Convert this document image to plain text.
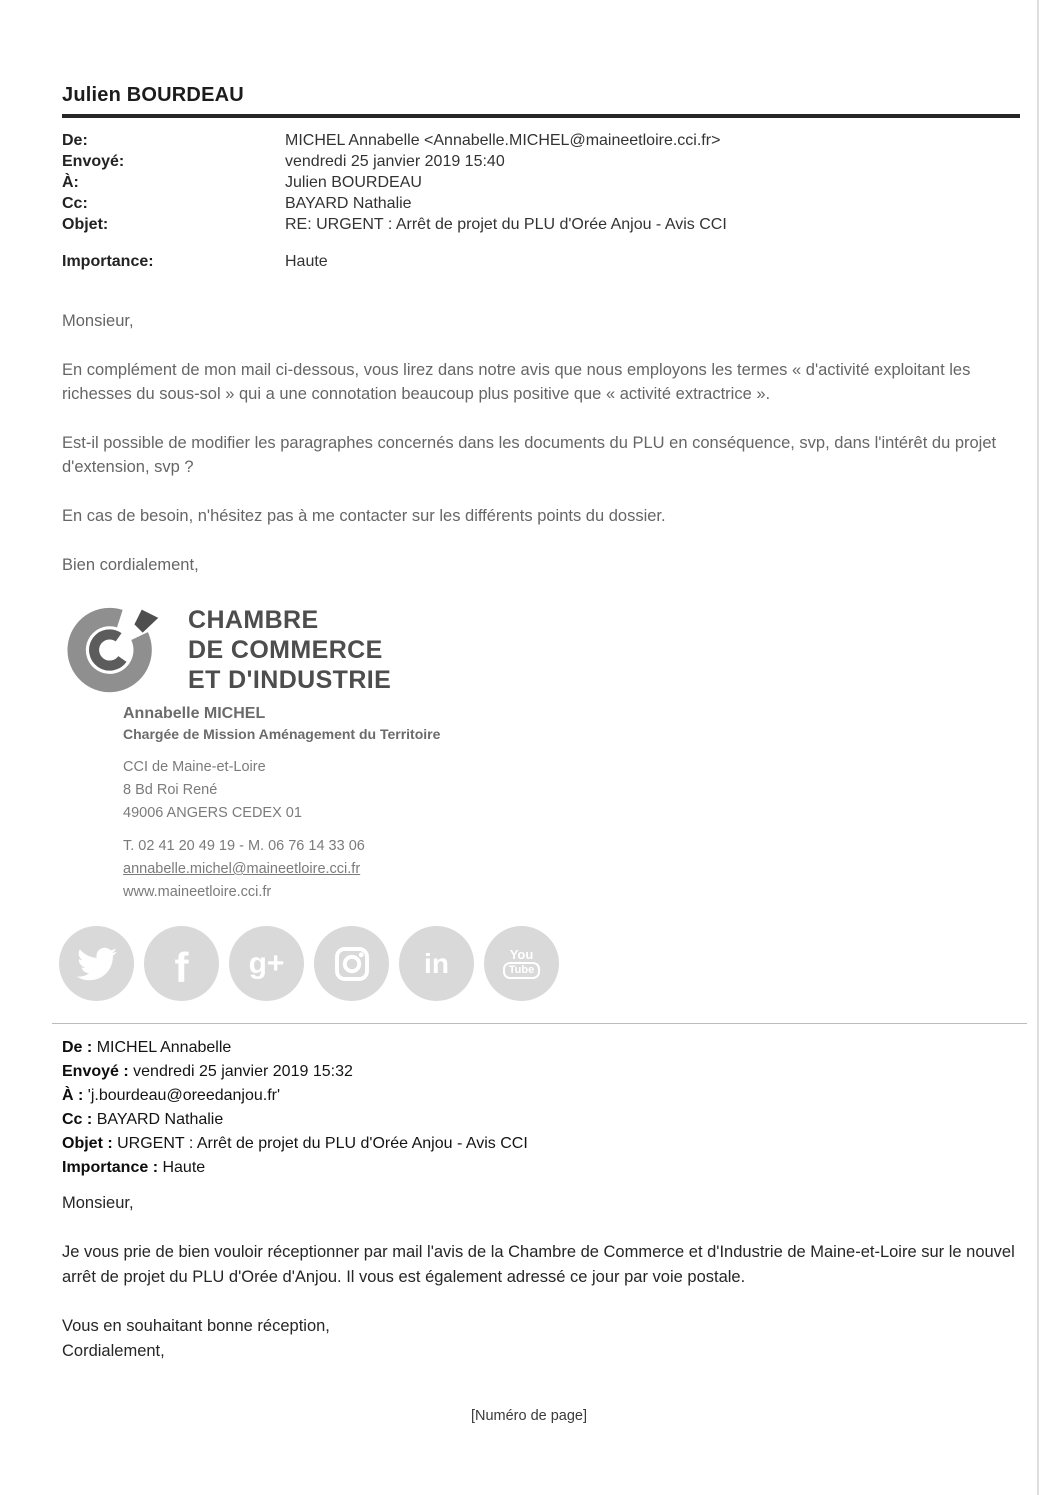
Julien BOURDEAU
De:	MICHEL Annabelle <Annabelle.MICHEL@maineetloire.cci.fr>
Envoyé:	vendredi 25 janvier 2019 15:40
À:	Julien BOURDEAU
Cc:	BAYARD Nathalie
Objet:	RE: URGENT : Arrêt de projet du PLU d'Orée Anjou - Avis CCI
Importance:	Haute

Monsieur,

En complément de mon mail ci-dessous, vous lirez dans notre avis que nous employons les termes « d'activité exploitant les richesses du sous-sol » qui a une connotation beaucoup plus positive que « activité extractrice ».

Est-il possible de modifier les paragraphes concernés dans les documents du PLU en conséquence, svp, dans l'intérêt du projet d'extension, svp ?

En cas de besoin, n'hésitez pas à me contacter sur les différents points du dossier.

Bien cordialement,

CHAMBRE
DE COMMERCE
ET D'INDUSTRIE
Annabelle MICHEL
Chargée de Mission Aménagement du Territoire
CCI de Maine-et-Loire
8 Bd Roi René
49006 ANGERS CEDEX 01
T. 02 41 20 49 19 - M. 06 76 14 33 06
annabelle.michel@maineetloire.cci.fr
www.maineetloire.cci.fr
f g+	in	You
Tube

De : MICHEL Annabelle

Envoyé : vendredi 25 janvier 2019 15:32

À : 'j.bourdeau@oreedanjou.fr'

Cc : BAYARD Nathalie

Objet : URGENT : Arrêt de projet du PLU d'Orée Anjou - Avis CCI

Importance : Haute

Monsieur,

Je vous prie de bien vouloir réceptionner par mail l'avis de la Chambre de Commerce et d'Industrie de Maine-et-Loire sur le nouvel arrêt de projet du PLU d'Orée d'Anjou. Il vous est également adressé ce jour par voie postale.

Vous en souhaitant bonne réception,

Cordialement,

[Numéro de page]
